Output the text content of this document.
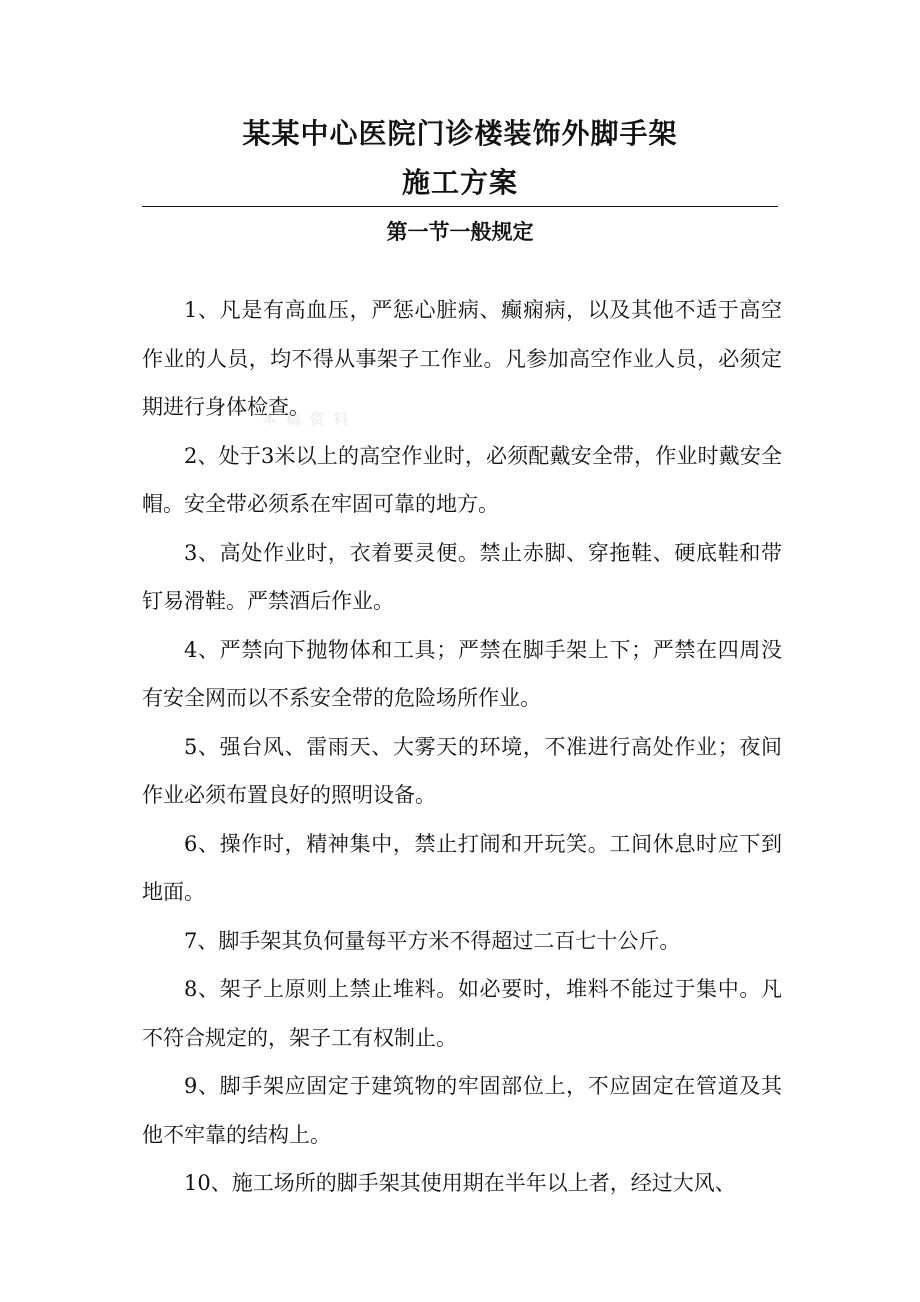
某某中心医院门诊楼装饰外脚手架
施工方案
第一节一般规定
本 稿 资 料

1、凡是有高血压，严惩心脏病、癫痫病，以及其他不适于高空作业的人员，均不得从事架子工作业。凡参加高空作业人员，必须定期进行身体检查。

2、处于3米以上的高空作业时，必须配戴安全带，作业时戴安全帽。安全带必须系在牢固可靠的地方。

3、高处作业时，衣着要灵便。禁止赤脚、穿拖鞋、硬底鞋和带钉易滑鞋。严禁酒后作业。

4、严禁向下抛物体和工具；严禁在脚手架上下；严禁在四周没有安全网而以不系安全带的危险场所作业。

5、强台风、雷雨天、大雾天的环境，不准进行高处作业；夜间作业必须布置良好的照明设备。

6、操作时，精神集中，禁止打闹和开玩笑。工间休息时应下到地面。

7、脚手架其负何量每平方米不得超过二百七十公斤。

8、架子上原则上禁止堆料。如必要时，堆料不能过于集中。凡不符合规定的，架子工有权制止。

9、脚手架应固定于建筑物的牢固部位上，不应固定在管道及其他不牢靠的结构上。

10、施工场所的脚手架其使用期在半年以上者，经过大风、
